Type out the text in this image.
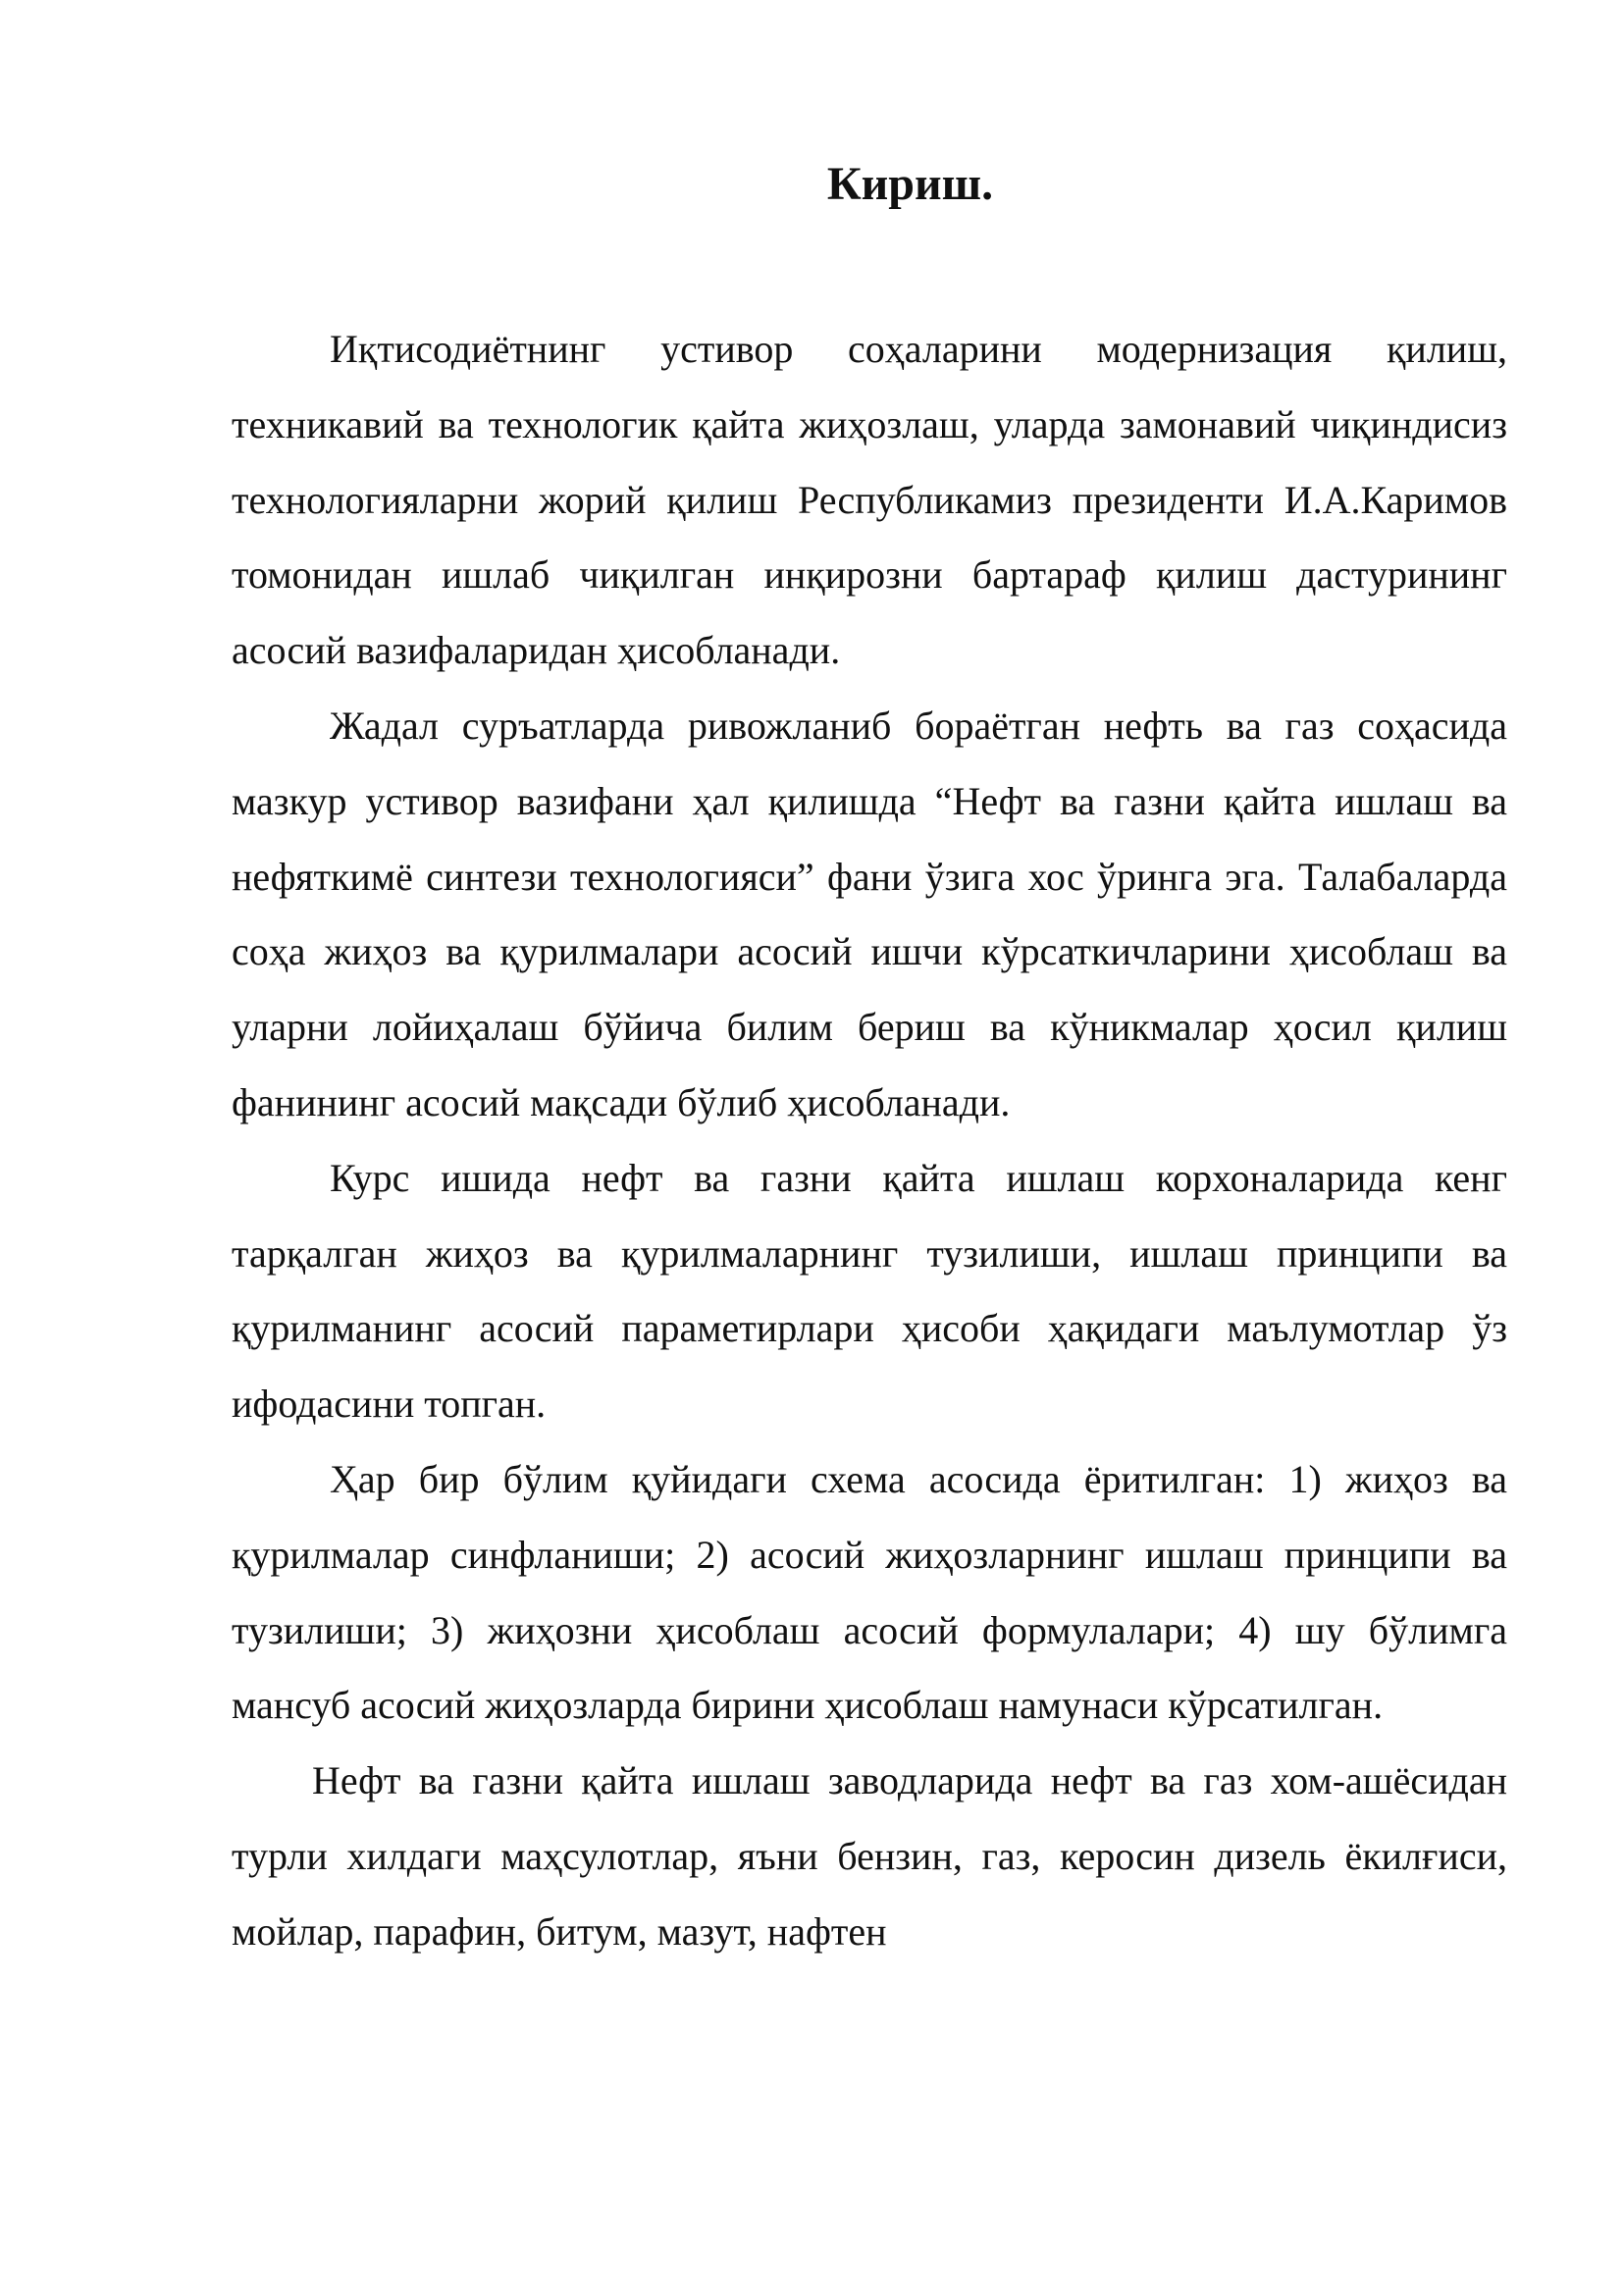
Кириш.

Иқтисодиётнинг устивор соҳаларини модернизация қилиш, техникавий ва технологик қайта жиҳозлаш, уларда замонавий чиқиндисиз технологияларни жорий қилиш Республикамиз президенти И.А.Каримов томонидан ишлаб чиқилган инқирозни бартараф қилиш дастурининг асосий вазифаларидан ҳисобланади.

Жадал суръатларда ривожланиб бораётган нефть ва газ соҳасида мазкур устивор вазифани ҳал қилишда “Нефт ва газни қайта ишлаш ва нефяткимё синтези технологияси” фани ўзига хос ўринга эга. Талабаларда соҳа жиҳоз ва қурилмалари асосий ишчи кўрсаткичларини ҳисоблаш ва уларни лойиҳалаш бўйича билим бериш ва кўникмалар ҳосил қилиш фанининг асосий мақсади бўлиб ҳисобланади.

Курс ишида нефт ва газни қайта ишлаш корхоналарида кенг тарқалган жиҳоз ва қурилмаларнинг тузилиши, ишлаш принципи ва қурилманинг асосий параметирлари ҳисоби ҳақидаги маълумотлар ўз ифодасини топган.

Ҳар бир бўлим қуйидаги схема асосида ёритилган: 1) жиҳоз ва қурилмалар синфланиши; 2) асосий жиҳозларнинг ишлаш принципи ва тузилиши; 3) жиҳозни ҳисоблаш асосий формулалари; 4) шу бўлимга мансуб асосий жиҳозларда бирини ҳисоблаш намунаси кўрсатилган.

Нефт ва газни қайта ишлаш заводларида нефт ва газ хом-ашёсидан турли хилдаги маҳсулотлар, яъни бензин, газ, керосин дизель ёкилғиси, мойлар, парафин, битум, мазут, нафтен
